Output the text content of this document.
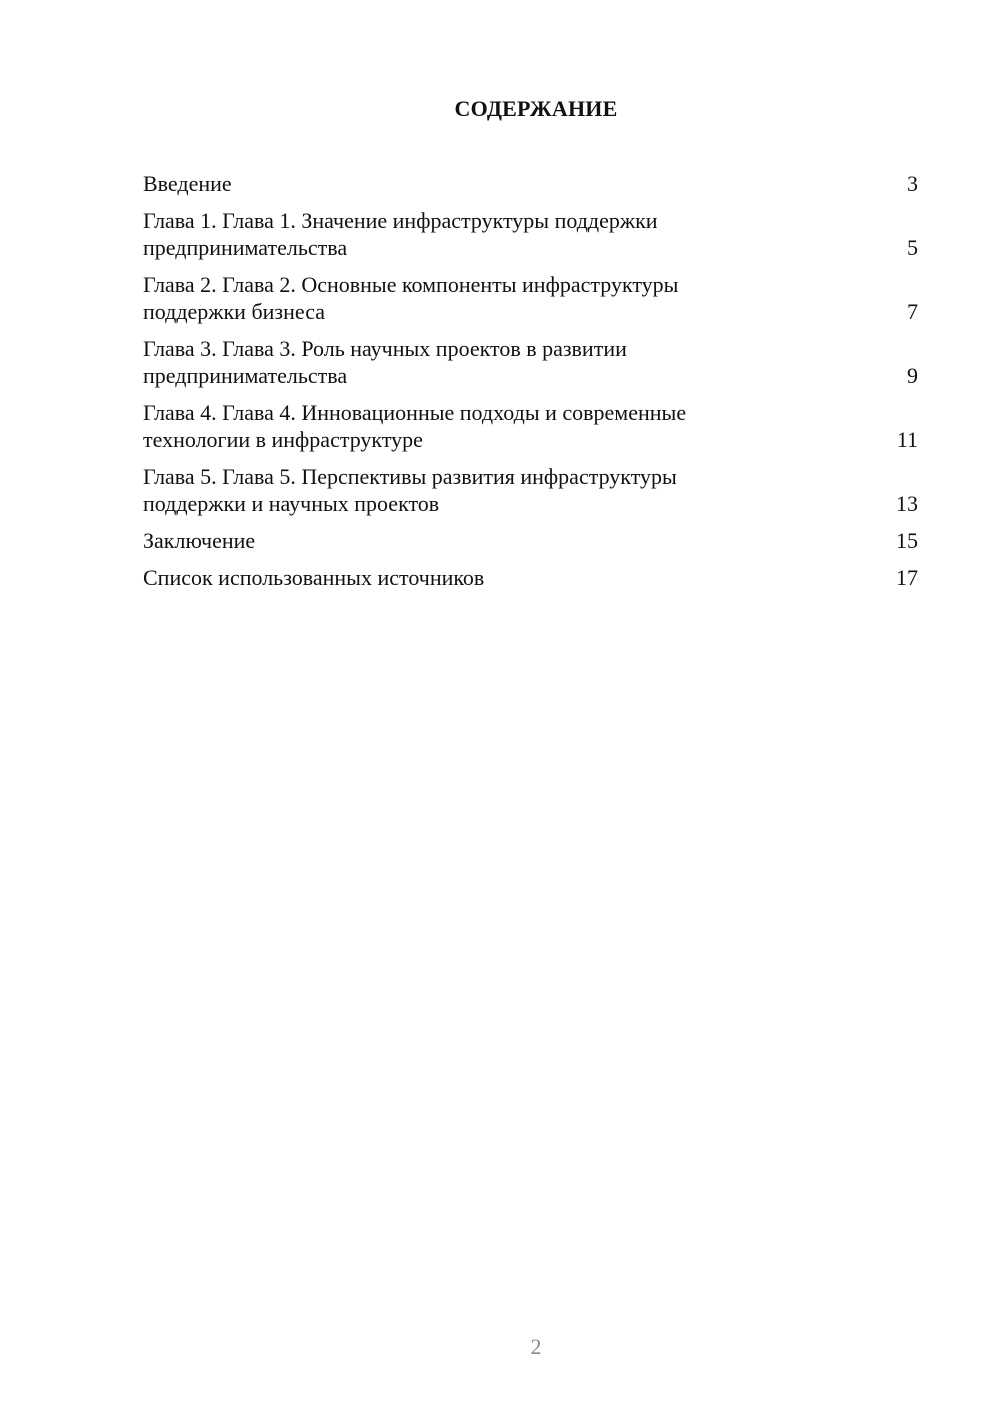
СОДЕРЖАНИЕ
Введение	3
Глава 1. Глава 1. Значение инфраструктуры поддержки
предпринимательства	5
Глава 2. Глава 2. Основные компоненты инфраструктуры
поддержки бизнеса	7
Глава 3. Глава 3. Роль научных проектов в развитии
предпринимательства	9
Глава 4. Глава 4. Инновационные подходы и современные
технологии в инфраструктуре	11
Глава 5. Глава 5. Перспективы развития инфраструктуры
поддержки и научных проектов	13
Заключение	15
Список использованных источников	17
2
